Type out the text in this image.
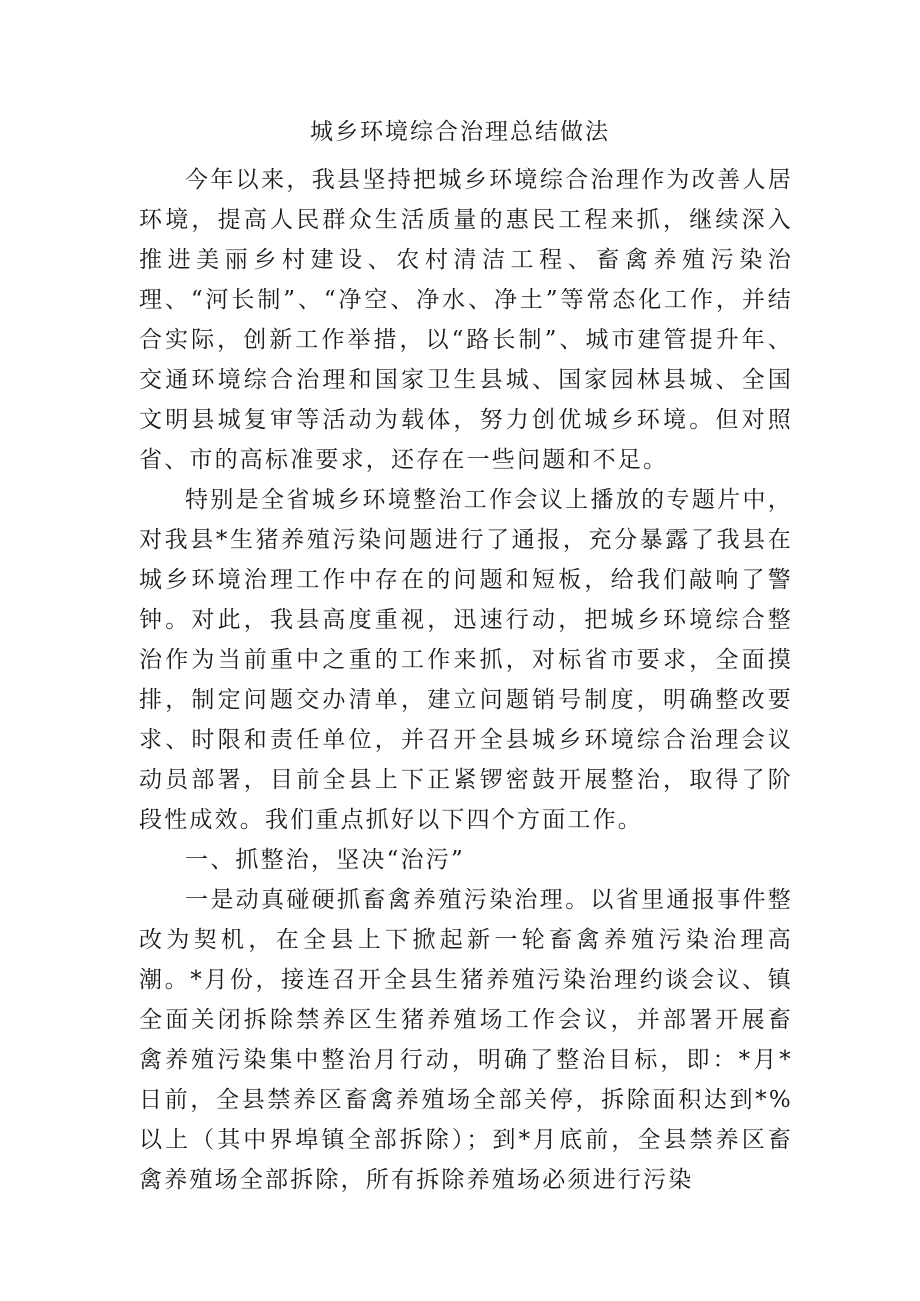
城乡环境综合治理总结做法

今年以来，我县坚持把城乡环境综合治理作为改善人居环境，提高人民群众生活质量的惠民工程来抓，继续深入推进美丽乡村建设、农村清洁工程、畜禽养殖污染治理、“河长制”、“净空、净水、净土”等常态化工作，并结合实际，创新工作举措，以“路长制”、城市建管提升年、交通环境综合治理和国家卫生县城、国家园林县城、全国文明县城复审等活动为载体，努力创优城乡环境。但对照省、市的高标准要求，还存在一些问题和不足。

特别是全省城乡环境整治工作会议上播放的专题片中，对我县*生猪养殖污染问题进行了通报，充分暴露了我县在城乡环境治理工作中存在的问题和短板，给我们敲响了警钟。对此，我县高度重视，迅速行动，把城乡环境综合整治作为当前重中之重的工作来抓，对标省市要求，全面摸排，制定问题交办清单，建立问题销号制度，明确整改要求、时限和责任单位，并召开全县城乡环境综合治理会议动员部署，目前全县上下正紧锣密鼓开展整治，取得了阶段性成效。我们重点抓好以下四个方面工作。

一、抓整治，坚决“治污”

一是动真碰硬抓畜禽养殖污染治理。以省里通报事件整改为契机，在全县上下掀起新一轮畜禽养殖污染治理高潮。*月份，接连召开全县生猪养殖污染治理约谈会议、镇全面关闭拆除禁养区生猪养殖场工作会议，并部署开展畜禽养殖污染集中整治月行动，明确了整治目标，即：*月*日前，全县禁养区畜禽养殖场全部关停，拆除面积达到*%以上（其中界埠镇全部拆除）；到*月底前，全县禁养区畜禽养殖场全部拆除，所有拆除养殖场必须进行污染
